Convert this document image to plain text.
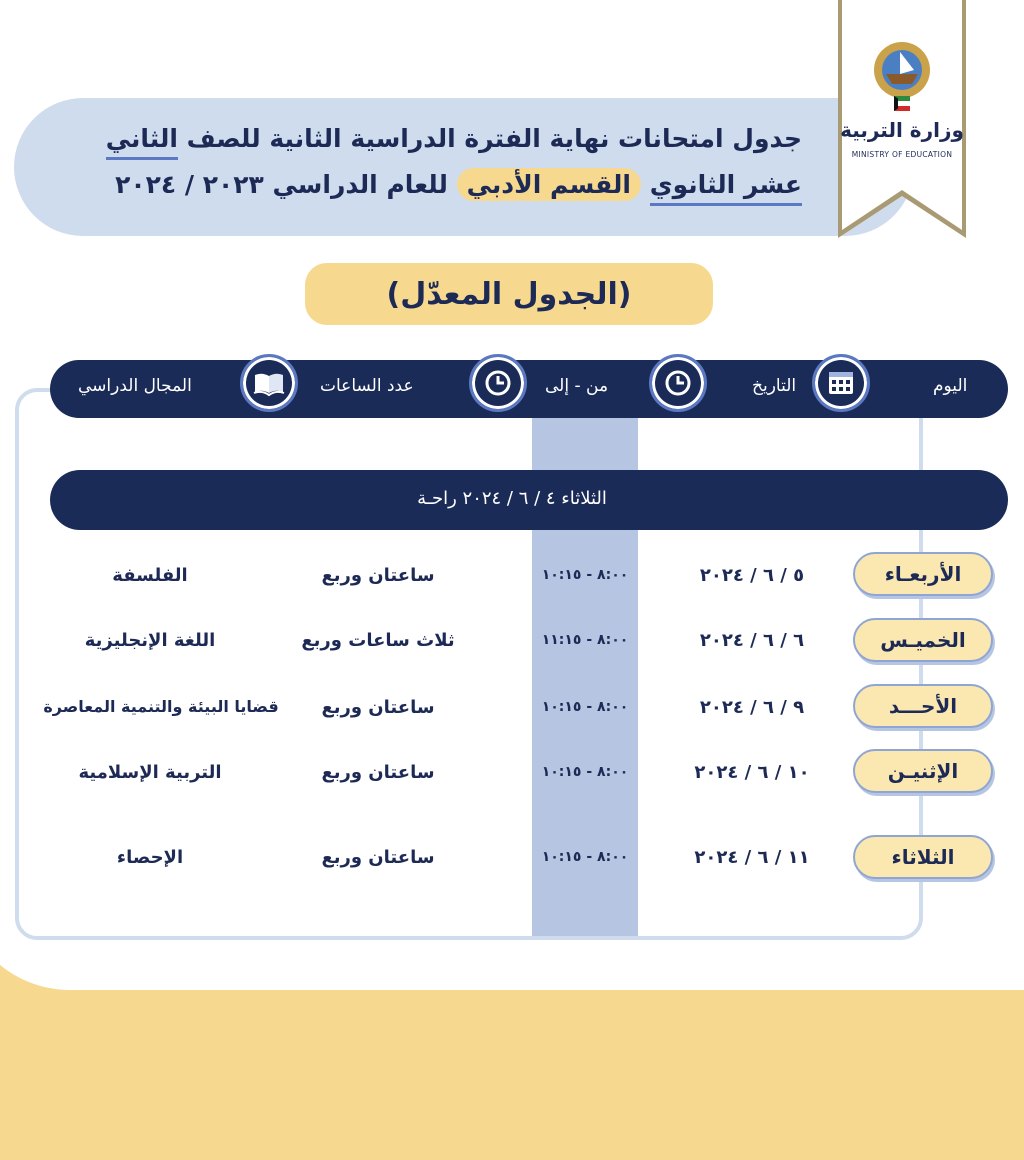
جدول امتحانات نهاية الفترة الدراسية الثانية للصف الثاني
عشر الثانوي القسم الأدبي للعام الدراسي ٢٠٢٣ / ٢٠٢٤
وزارة التربية
MINISTRY OF EDUCATION
(الجدول المعدّل)
اليوم
التاريخ
من - إلى
عدد الساعات
المجال الدراسي
الثلاثاء ٤ / ٦ / ٢٠٢٤ راحـة
الأربعـاء
٥ / ٦ / ٢٠٢٤
٨:٠٠ - ١٠:١٥
ساعتان وربع
الفلسفة
الخميـس
٦ / ٦ / ٢٠٢٤
٨:٠٠ - ١١:١٥
ثلاث ساعات وربع
اللغة الإنجليزية
الأحـــد
٩ / ٦ / ٢٠٢٤
٨:٠٠ - ١٠:١٥
ساعتان وربع
قضايا البيئة والتنمية المعاصرة
الإثنيـن
١٠ / ٦ / ٢٠٢٤
٨:٠٠ - ١٠:١٥
ساعتان وربع
التربية الإسلامية
الثلاثاء
١١ / ٦ / ٢٠٢٤
٨:٠٠ - ١٠:١٥
ساعتان وربع
الإحصاء
